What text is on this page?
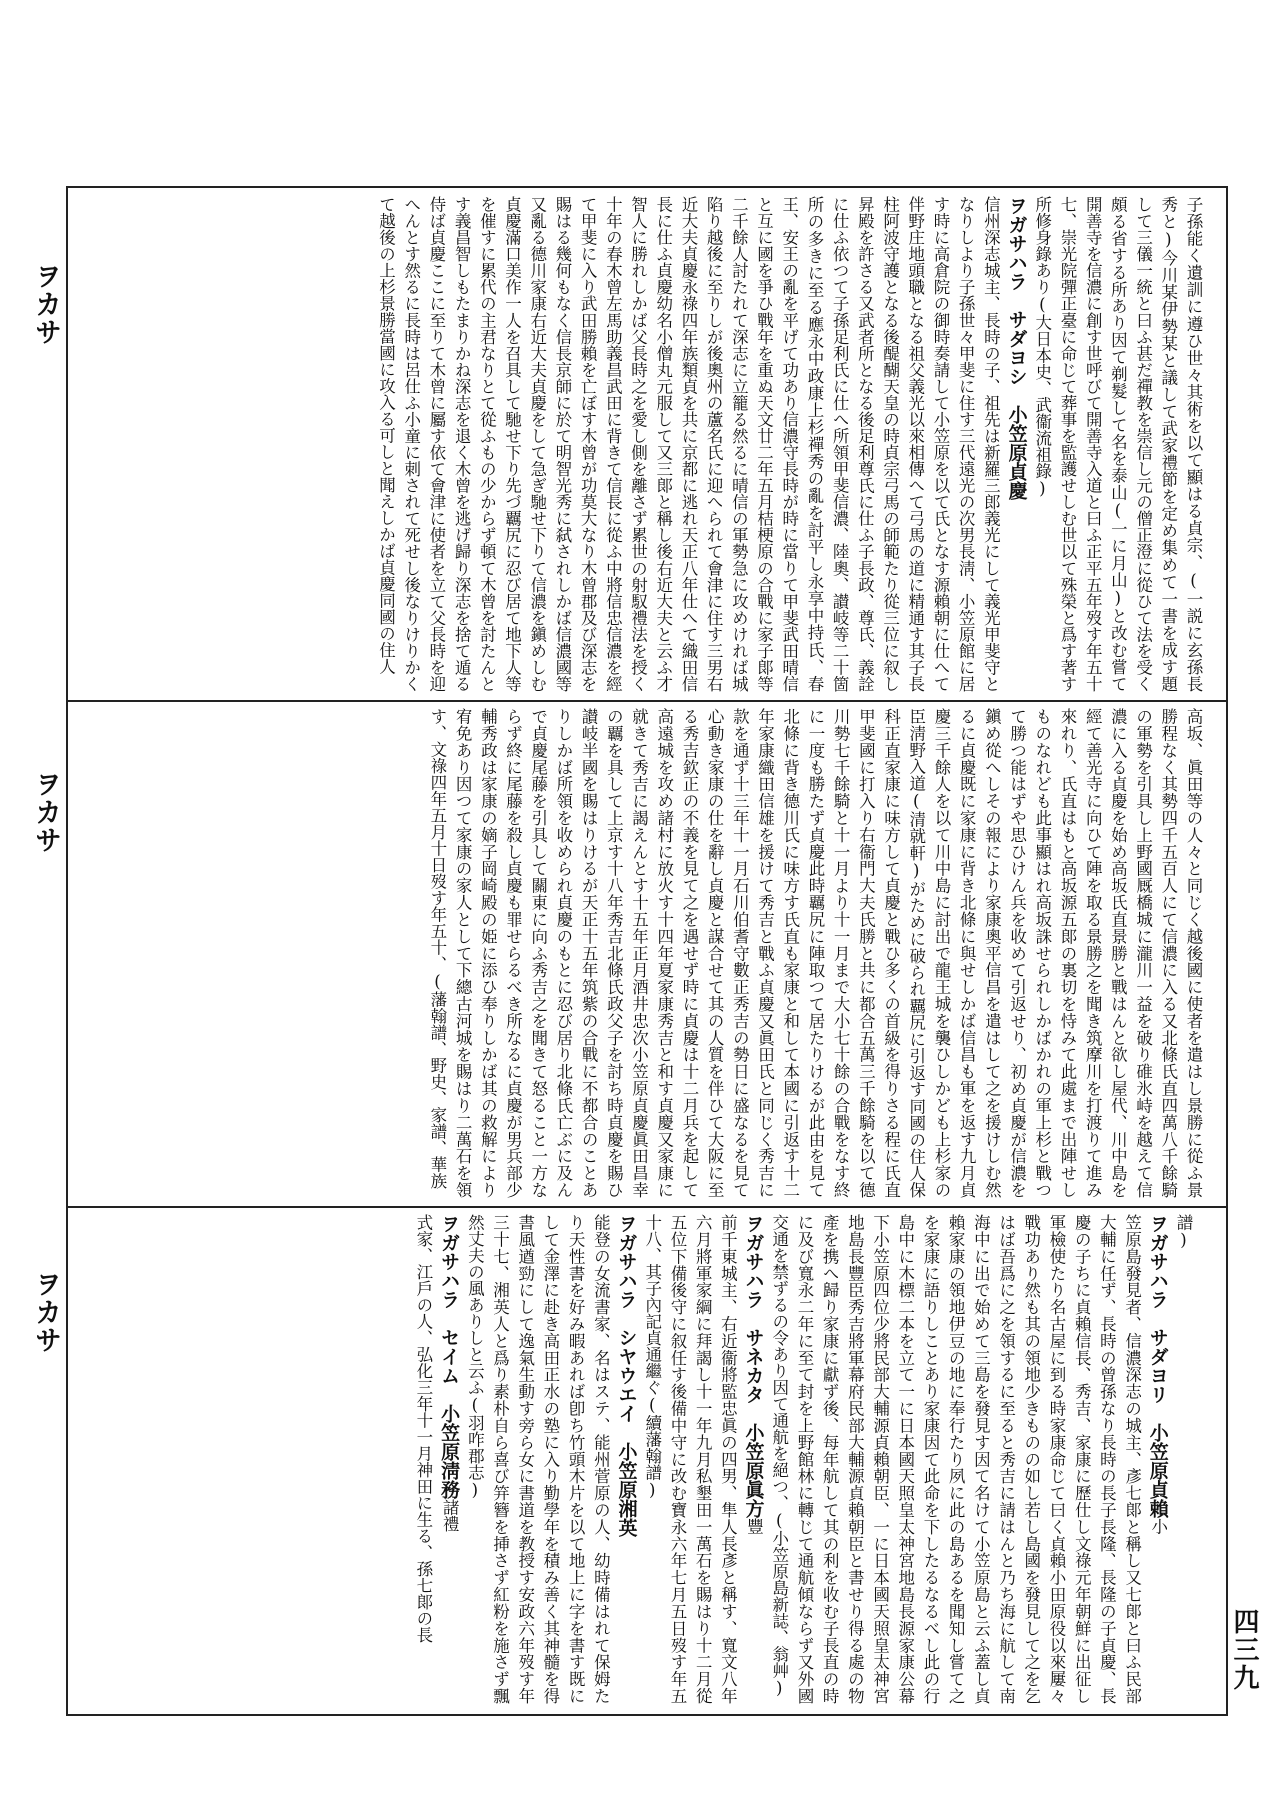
ヲカサ
ヲカサ
ヲカサ
四三九
子孫能く遺訓に遵ひ世々其術を以て顯はる貞宗、(一説に玄孫長秀と)今川某伊勢某と議して武家禮節を定め集めて一書を成す題して三儀一統と曰ふ甚だ禪教を崇信し元の僧正澄に從ひて法を受く頗る省する所あり因て剃髮して名を泰山(一に月山)と改む嘗て開善寺を信濃に創す世呼びて開善寺入道と曰ふ正平五年歿す年五十七、崇光院彈正臺に命じて葬事を監護せしむ世以て殊榮と爲す著す所修身錄あり(大日本史、武衞流祖錄)
ヲガサハラ　サダヨシ　小笠原貞慶
信州深志城主、長時の子、祖先は新羅三郎義光にして義光甲斐守となりしより子孫世々甲斐に住す三代遠光の次男長淸、小笠原館に居す時に高倉院の御時奏請して小笠原を以て氏となす源賴朝に仕へて伴野庄地頭職となる祖父義光以來相傳へて弓馬の道に精通す其子長柱阿波守護となる後醍醐天皇の時貞宗弓馬の師範たり從三位に叙し昇殿を許さる又武者所となる後足利尊氏に仕ふ子長政、尊氏、義詮に仕ふ依つて子孫足利氏に仕へ所領甲斐信濃、陸奧、讃岐等二十箇所の多きに至る應永中政康上杉禪秀の亂を討平し永享中持氏、春王、安王の亂を平げて功あり信濃守長時が時に當りて甲斐武田晴信と互に國を爭ひ戰年を重ぬ天文廿二年五月桔梗原の合戰に家子郞等二千餘人討たれて深志に立籠る然るに晴信の軍勢急に攻めければ城陷り越後に至りしが後奧州の蘆名氏に迎へられて會津に住す三男右近大夫貞慶永祿四年族類貞を共に京都に逃れ天正八年仕へて織田信長に仕ふ貞慶幼名小僧丸元服して又三郞と稱し後右近大夫と云ふ才智人に勝れしかば父長時之を愛し側を離さず累世の射馭禮法を授く十年の春木曾左馬助義昌武田に背きて信長に從ふ中將信忠信濃を經て甲斐に入り武田勝賴を亡ぼす木曾が功莫大なり木曾郡及び深志を賜はる幾何もなく信長京師に於て明智光秀に弑されしかば信濃國等又亂る德川家康右近大夫貞慶をして急ぎ馳せ下りて信濃を鎭めしむ貞慶滿口美作一人を召具して馳せ下り先づ覊尻に忍び居て地下人等を催すに累代の主君なりとて從ふもの少からず頓て木曾を討たんとす義昌智しもたまりかね深志を退く木曾を逃げ歸り深志を捨て遁る侍ば貞慶ここに至りて木曾に屬す依て會津に使者を立て父長時を迎へんとす然るに長時は呂仕ふ小童に刺されて死せし後なりけりかくて越後の上杉景勝當國に攻入る可しと聞えしかば貞慶同國の住人
高坂、眞田等の人々と同じく越後國に使者を遣はし景勝に從ふ景勝程なく其勢四千五百人にて信濃に入る又北條氏直四萬八千餘騎の軍勢を引具し上野國厩橋城に瀧川一益を破り碓氷峙を越えて信濃に入る貞慶を始め高坂氏直景勝と戰はんと欲し屋代、川中島を經て善光寺に向ひて陣を取る景勝之を聞き筑摩川を打渡りて進み來れり、氏直はもと高坂源五郞の裏切を恃みて此處まで出陣せしものなれども此事顯はれ高坂誅せられしかばかれの軍上杉と戰つて勝つ能はずや思ひけん兵を收めて引返せり、初め貞慶が信濃を鎭め從へしその報により家康奧平信昌を遣はして之を援けしむ然るに貞慶既に家康に背き北條に與せしかば信昌も軍を返す九月貞慶三千餘人を以て川中島に討出で龍王城を襲ひしかども上杉家の臣淸野入道(清就軒)がために破られ覊尻に引返す同國の住人保科正直家康に味方して貞慶と戰ひ多くの首級を得りさる程に氏直甲斐國に打入り右衞門大夫氏勝と共に都合五萬三千餘騎を以て德川勢七千餘騎と十一月より十一月まで大小七十餘の合戰をなす終に一度も勝たず貞慶此時覊尻に陣取つて居たりけるが此由を見て北條に背き德川氏に味方す氏直も家康と和して本國に引返す十二年家康織田信雄を援けて秀吉と戰ふ貞慶又眞田氏と同じく秀吉に款を通ず十三年十一月石川伯耆守數正秀吉の勢日に盛なるを見て心動き家康の仕を辭し貞慶と謀合せて其の人質を伴ひて大阪に至る秀吉欽正の不義を見て之を遇せず時に貞慶は十二月兵を起して高遠城を攻め諸村に放火す十四年夏家康秀吉と和す貞慶又家康に就きて秀吉に謁えんとす十五年正月酒井忠次小笠原貞慶眞田昌幸の覊を具して上京す十八年秀吉北條氏政父子を討ち時貞慶を賜ひ讃岐半國を賜はりけるが天正十五年筑紫の合戰に不都合のことありしかば所領を收められ貞慶のもとに忍び居り北條氏亡ぶに及んで貞慶尾藤を引具して關東に向ふ秀吉之を聞きて怒ること一方ならず終に尾藤を殺し貞慶も罪せらるべき所なるに貞慶が男兵部少輔秀政は家康の嫡子岡崎殿の姫に添ひ奉りしかば其の救解により宥免あり因つて家康の家人として下總古河城を賜はり二萬石を領す、文祿四年五月十日歿す年五十、(藩翰譜、野史、家譜、華族
譜)
ヲガサハラ　サダヨリ　小笠原貞賴小
笠原島發見者、信濃深志の城主、彥七郞と稱し又七郞と曰ふ民部大輔に任ず、長時の曾孫なり長時の長子長隆、長隆の子貞慶、長慶の子ちに貞賴信長、秀吉、家康に歷仕し文祿元年朝鮮に出征し軍檢使たり名古屋に到る時家康命じて曰く貞賴小田原役以來屢々戰功あり然も其の領地少きものの如し若し島國を發見して之を乞はば吾爲に之を領するに至ると秀吉に請はんと乃ち海に航して南海中に出で始めて三島を發見す因て名けて小笠原島と云ふ蓋し貞賴家康の領地伊豆の地に奉行たり夙に此の島あるを聞知し嘗て之を家康に語りしことあり家康因て此命を下したるなるべし此の行島中に木標二本を立て一に日本國天照皇太神宮地島長源家康公幕下小笠原四位少將民部大輔源貞賴朝臣、一に日本國天照皇太神宮地島長豐臣秀吉將軍幕府民部大輔源貞賴朝臣と書せり得る處の物產を携へ歸り家康に獻ず後、每年航して其の利を收む子長直の時に及び寬永二年に至て封を上野館林に轉じて通航傾ならず又外國交通を禁ずるの令あり因て通航を絕つ、(小笠原島新誌、翁艸)
ヲガサハラ　サネカタ　小笠原眞方豐
前千東城主、右近衞將監忠眞の四男、隼人長彥と稱す、寬文八年六月將軍家綱に拜謁し十一年九月私墾田一萬石を賜はり十二月從五位下備後守に叙任す後備中守に改む寶永六年七月五日歿す年五十八、其子內記貞通繼ぐ(續藩翰譜)
ヲガサハラ　シヤウエイ　小笠原湘英
能登の女流書家、名はステ、能州菅原の人、幼時備はれて保姆たり天性書を好み暇あれば卽ち竹頭木片を以て地上に字を書す既にして金澤に赴き高田正水の塾に入り勤學年を積み善く其神髓を得書風遒勁にして逸氣生動す旁ら女に書道を教授す安政六年歿す年三十七、湘英人と爲り素朴自ら喜び笄簪を挿さず紅粉を施さず飄然丈夫の風ありしと云ふ(羽咋郡志)
ヲガサハラ　セイム　小笠原淸務諸禮
式家、江戶の人、弘化三年十一月神田に生る、孫七郞の長
